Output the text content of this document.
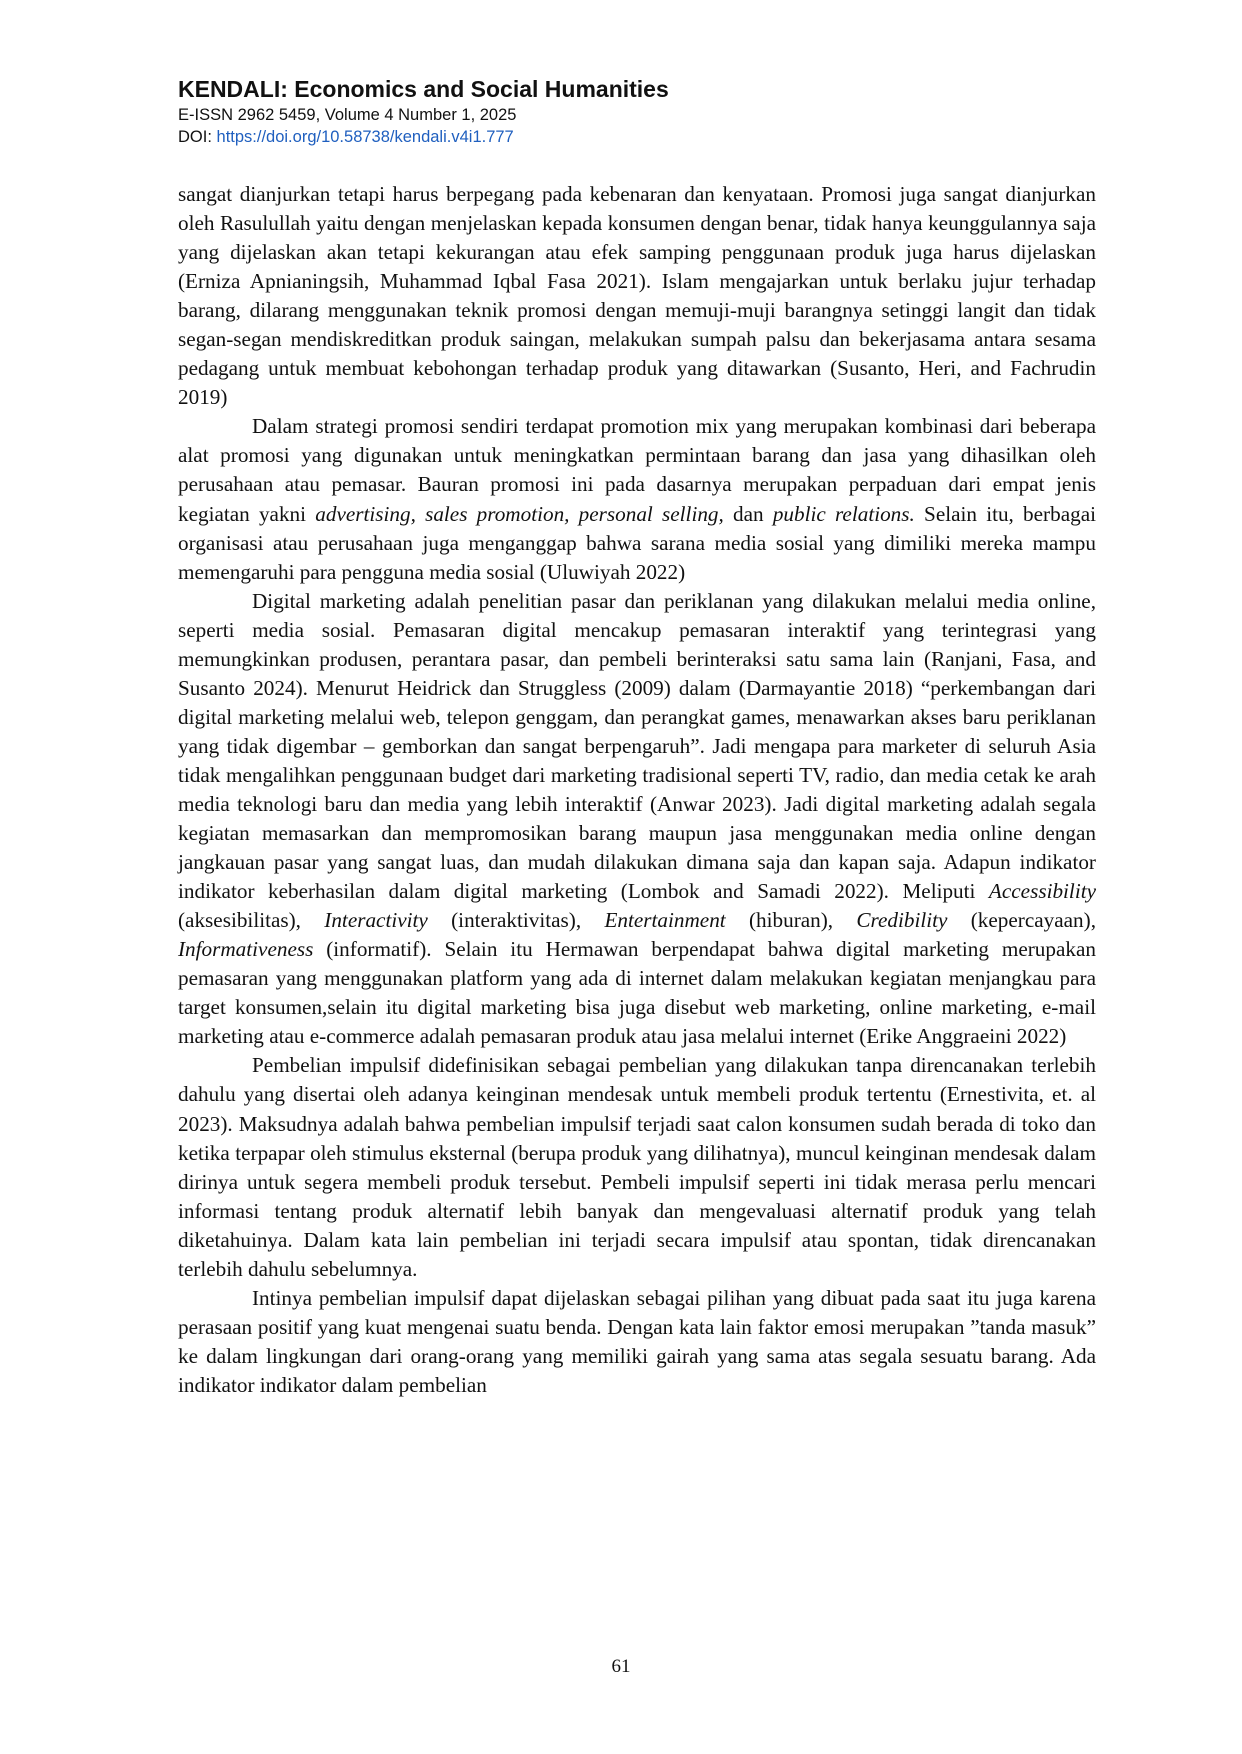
KENDALI: Economics and Social Humanities

E-ISSN 2962 5459, Volume 4 Number 1, 2025

DOI: https://doi.org/10.58738/kendali.v4i1.777

sangat dianjurkan tetapi harus berpegang pada kebenaran dan kenyataan. Promosi juga sangat dianjurkan oleh Rasulullah yaitu dengan menjelaskan kepada konsumen dengan benar, tidak hanya keunggulannya saja yang dijelaskan akan tetapi kekurangan atau efek samping penggunaan produk juga harus dijelaskan (Erniza Apnianingsih, Muhammad Iqbal Fasa 2021). Islam mengajarkan untuk berlaku jujur terhadap barang, dilarang menggunakan teknik promosi dengan memuji-muji barangnya setinggi langit dan tidak segan-segan mendiskreditkan produk saingan, melakukan sumpah palsu dan bekerjasama antara sesama pedagang untuk membuat kebohongan terhadap produk yang ditawarkan (Susanto, Heri, and Fachrudin 2019)

Dalam strategi promosi sendiri terdapat promotion mix yang merupakan kombinasi dari beberapa alat promosi yang digunakan untuk meningkatkan permintaan barang dan jasa yang dihasilkan oleh perusahaan atau pemasar. Bauran promosi ini pada dasarnya merupakan perpaduan dari empat jenis kegiatan yakni advertising, sales promotion, personal selling, dan public relations. Selain itu, berbagai organisasi atau perusahaan juga menganggap bahwa sarana media sosial yang dimiliki mereka mampu memengaruhi para pengguna media sosial (Uluwiyah 2022)

Digital marketing adalah penelitian pasar dan periklanan yang dilakukan melalui media online, seperti media sosial. Pemasaran digital mencakup pemasaran interaktif yang terintegrasi yang memungkinkan produsen, perantara pasar, dan pembeli berinteraksi satu sama lain (Ranjani, Fasa, and Susanto 2024). Menurut Heidrick dan Struggless (2009) dalam (Darmayantie 2018) “perkembangan dari digital marketing melalui web, telepon genggam, dan perangkat games, menawarkan akses baru periklanan yang tidak digembar – gemborkan dan sangat berpengaruh”. Jadi mengapa para marketer di seluruh Asia tidak mengalihkan penggunaan budget dari marketing tradisional seperti TV, radio, dan media cetak ke arah media teknologi baru dan media yang lebih interaktif (Anwar 2023). Jadi digital marketing adalah segala kegiatan memasarkan dan mempromosikan barang maupun jasa menggunakan media online dengan jangkauan pasar yang sangat luas, dan mudah dilakukan dimana saja dan kapan saja. Adapun indikator indikator keberhasilan dalam digital marketing (Lombok and Samadi 2022). Meliputi Accessibility (aksesibilitas), Interactivity (interaktivitas), Entertainment (hiburan), Credibility (kepercayaan), Informativeness (informatif). Selain itu Hermawan berpendapat bahwa digital marketing merupakan pemasaran yang menggunakan platform yang ada di internet dalam melakukan kegiatan menjangkau para target konsumen,selain itu digital marketing bisa juga disebut web marketing, online marketing, e-mail marketing atau e-commerce adalah pemasaran produk atau jasa melalui internet (Erike Anggraeini 2022)

Pembelian impulsif didefinisikan sebagai pembelian yang dilakukan tanpa direncanakan terlebih dahulu yang disertai oleh adanya keinginan mendesak untuk membeli produk tertentu (Ernestivita, et. al 2023). Maksudnya adalah bahwa pembelian impulsif terjadi saat calon konsumen sudah berada di toko dan ketika terpapar oleh stimulus eksternal (berupa produk yang dilihatnya), muncul keinginan mendesak dalam dirinya untuk segera membeli produk tersebut. Pembeli impulsif seperti ini tidak merasa perlu mencari informasi tentang produk alternatif lebih banyak dan mengevaluasi alternatif produk yang telah diketahuinya. Dalam kata lain pembelian ini terjadi secara impulsif atau spontan, tidak direncanakan terlebih dahulu sebelumnya.

Intinya pembelian impulsif dapat dijelaskan sebagai pilihan yang dibuat pada saat itu juga karena perasaan positif yang kuat mengenai suatu benda. Dengan kata lain faktor emosi merupakan ”tanda masuk” ke dalam lingkungan dari orang-orang yang memiliki gairah yang sama atas segala sesuatu barang. Ada indikator indikator dalam pembelian

61
